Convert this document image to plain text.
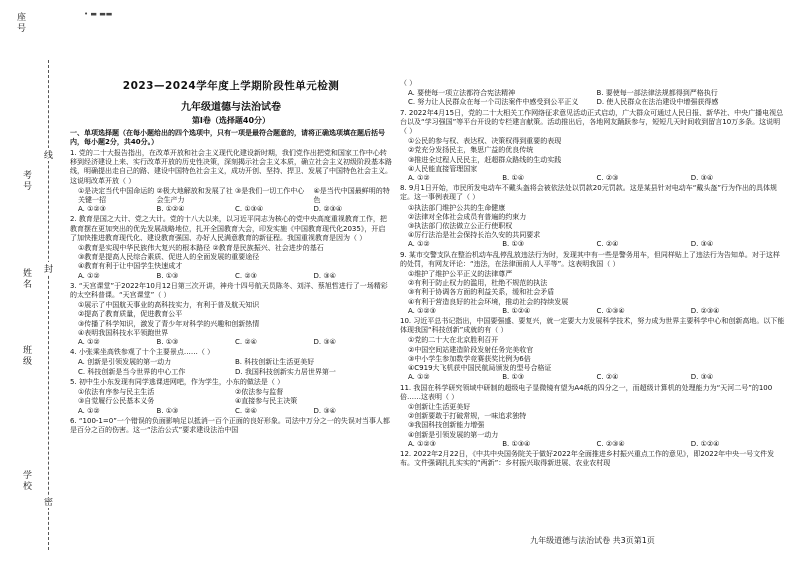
• ▬ ▬▬
座号
考号
姓名
班级
学校
线
封
密
2023—2024学年度上学期阶段性单元检测
九年级道德与法治试卷
第Ⅰ卷（选择题40分）
一、单项选择题（在每小题给出的四个选项中，只有一项是最符合题意的，请将正确选项填在题后括号内，每小题2分，共40分。）
1. 党的二十大报告指出，在改革开放和社会主义现代化建设新时期，我们党作出把党和国家工作中心转移到经济建设上来、实行改革开放的历史性决策，深刻揭示社会主义本质，确立社会主义初级阶段基本路线，明确提出走自己的路、建设中国特色社会主义，成功开创、坚持、捍卫、发展了中国特色社会主义。这说明改革开放（ ）
①是决定当代中国命运的关键一招
②极大地解放和发展了社会生产力
③是我们一切工作中心	④是当代中国最鲜明的特色
A. ①②③	B. ①②④	C. ①③④	D. ②③④
2. 教育是国之大计、党之大计。党的十八大以来，以习近平同志为核心的党中央高度重视教育工作，把教育摆在更加突出的优先发展战略地位，扎开全国教育大会，印发实施《中国教育现代化2035》，开启了加快推进教育现代化、建设教育强国、办好人民满意教育的新征程。我国重视教育是因为（ ）
①教育是实现中华民族伟大复兴的根本路径 ②教育是民族振兴、社会进步的基石
③教育是提高人民综合素质、促进人的全面发展的重要途径
④教育有利于让中国学生快速成才
A. ①②	B. ①③	C. ②③	D. ③④
3. “天宫课堂”于2022年10月12日第三次开讲，神舟十四号航天员陈冬、刘洋、蔡旭哲进行了一场精彩的太空科普课。“天宫课堂”（ ）
①展示了中国航天事业的高科技实力，有利于普及航天知识
②提高了教育质量，促进教育公平
③传播了科学知识，激发了青少年对科学的兴趣和创新热情
④表明我国科技水平领跑世界
A. ①②	B. ①③	C. ②④	D. ③④
4. 小张乘坐高铁参观了十个主要景点……（ ）
A. 创新是引领发展的第一动力	B. 科技创新让生活更美好
C. 科技创新是当今世界的中心工作	D. 我国科技创新实力居世界第一
5. 初中生小东发现有同学逃课进网吧，作为学生，小东的做法是（ ）
①依法有序参与民主生活	②依法参与监督
③自觉履行公民基本义务	④直接参与民主决策
A. ①②	B. ①③	C. ②④	D. ③④
6. “100-1=0”一个错误的负面影响足以抵消一百个正面的良好形象。司法中万分之一的失误对当事人都是百分之百的伤害。这一“法治公式”要求建设法治中国
（ ）
A. 要使每一项立法都符合宪法精神	B. 要使每一部法律法规都得到严格执行
C. 努力让人民群众在每一个司法案件中感受到公平正义	D. 使人民群众在法治建设中增强获得感
7. 2022年4月15日，党的二十大相关工作网络征求意见活动正式启动，广大群众可通过人民日报、新华社、中央广播电视总台以及“学习强国”等平台开设的专栏建言献策。活动推出后，各地网友踊跃参与，短短几天时间收到留言10万多条。这说明（ ）
①公民的参与权、表达权、决策权得到重要的表现
②党充分发扬民主，集思广益的优良传统
③推进全过程人民民主，赶超群众路线的生动实践
④人民能直接管理国家
A. ①②	B. ①④	C. ②③	D. ③④
8. 9月1日开始，市民所发电动车不戴头盔将会被依法处以罚款20元罚款。这是某县针对电动车“戴头盔”行为作出的具体规定。这一事例表现了（ ）
①执法部门维护公共的生命健康
②法律对全体社会成员有普遍的约束力
③执法部门依法做立公正行使职权
④厉行法治是社会保持长治久安的共同要求
A. ①②	B. ①③	C. ②④	D. ③④
9. 某市交警支队在整治机动车乱停乱放违法行为时，发现其中有一些是警务用车，但同样贴上了违法行为告知单。对于这样的处罚，有网友评论：“违法，在法律面前人人平等”。这表明我国（ ）
①维护了维护公平正义的法律尊严
②有利于防止权力的滥用，杜绝不规范的执法
③有利于协调各方面的利益关系，缓和社会矛盾
④有利于营造良好的社会环境，推动社会的持续发展
A. ①②③	B. ①②④	C. ①③④	D. ②③④
10. 习近平总书记指出，中国要强盛、要复兴，就一定要大力发展科学技术，努力成为世界主要科学中心和创新高地。以下能体现我国“科技创新”成就的有（ ）
①党的二十大在北京胜利召开
②中国空间站建造阶段发射任务完美收官
③中小学生参加数学竞赛获奖比例为6倍
④C919大飞机获中国民航局颁发的型号合格证
A. ①②	B. ①③	C. ②④	D. ③④
11. 我国在科学研究领域中研制的超级电子显微镜有望为A4纸的四分之一，而超级计算机的处理能力为“天河二号”的100倍……这表明（ ）
①创新让生活更美好
②创新要敢于打破常规，一味追求独特
③我国科技创新能力增强
④创新是引领发展的第一动力
A. ①②③	B. ①③④	C. ②③④	D. ①②④
12. 2022年2月22日，《中共中央国务院关于做好2022年全面推进乡村振兴重点工作的意见》，即2022年中央一号文件发布。文件强调扎扎实实的“两新”：乡村振兴取得新进展、农业农村现
九年级道德与法治试卷 共3页第1页
